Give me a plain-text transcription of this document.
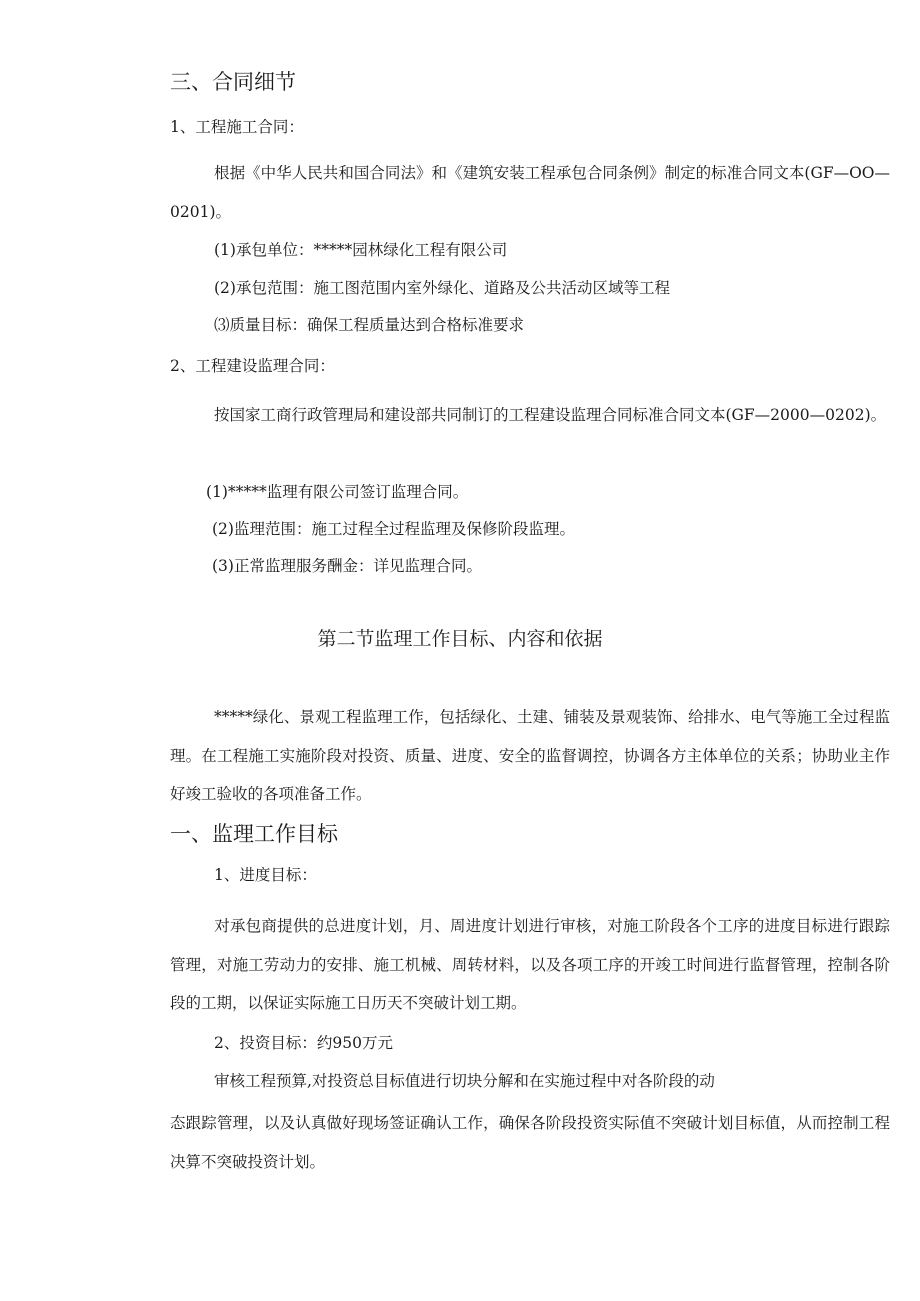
三、合同细节
1、工程施工合同：
根据《中华人民共和国合同法》和《建筑安装工程承包合同条例》制定的标准合同文本(GF—OO—0201)。
(1)承包单位：*****园林绿化工程有限公司
(2)承包范围：施工图范围内室外绿化、道路及公共活动区域等工程
⑶质量目标：确保工程质量达到合格标准要求
2、工程建设监理合同：
按国家工商行政管理局和建设部共同制订的工程建设监理合同标准合同文本(GF—2000—0202)。
(1)*****监理有限公司签订监理合同。
(2)监理范围：施工过程全过程监理及保修阶段监理。
(3)正常监理服务酬金：详见监理合同。
第二节监理工作目标、内容和依据
*****绿化、景观工程监理工作，包括绿化、土建、铺装及景观装饰、给排水、电气等施工全过程监理。在工程施工实施阶段对投资、质量、进度、安全的监督调控，协调各方主体单位的关系；协助业主作好竣工验收的各项准备工作。
一、监理工作目标
1、进度目标：
对承包商提供的总进度计划，月、周进度计划进行审核，对施工阶段各个工序的进度目标进行跟踪管理，对施工劳动力的安排、施工机械、周转材料，以及各项工序的开竣工时间进行监督管理，控制各阶段的工期，以保证实际施工日历天不突破计划工期。
2、投资目标：约950万元
审核工程预算,对投资总目标值进行切块分解和在实施过程中对各阶段的动
态跟踪管理，以及认真做好现场签证确认工作，确保各阶段投资实际值不突破计划目标值，从而控制工程决算不突破投资计划。
